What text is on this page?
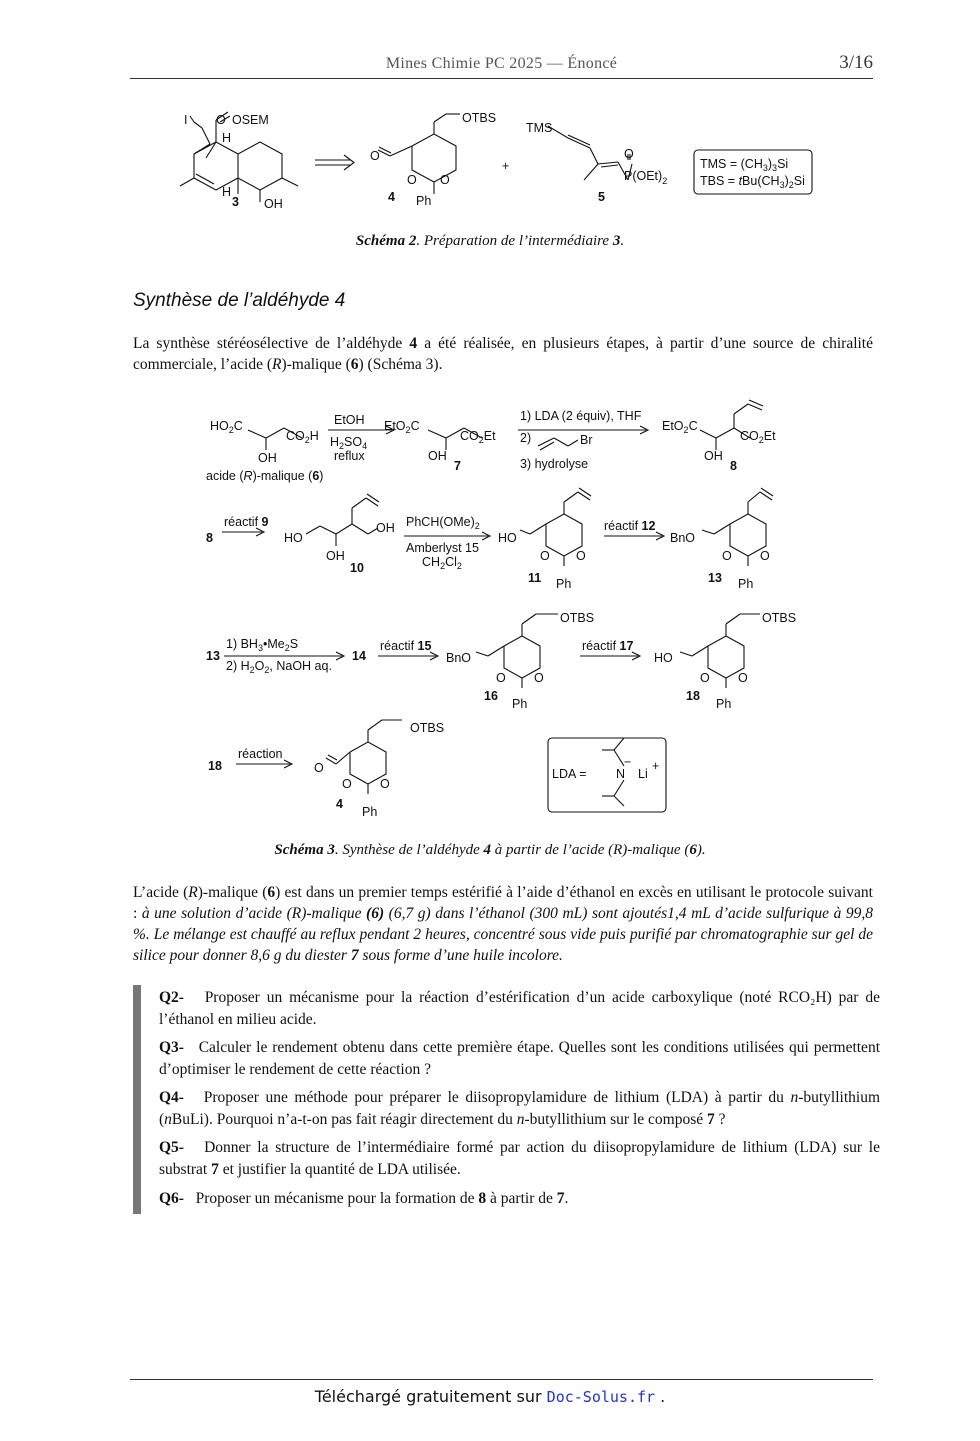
Mines Chimie PC 2025 — Énoncé	3/16
I O OSEM
H
H
OH
3
OTBS
O
O O
Ph
4
+
TMS
O
$P(OEt)_2$
5
TMS = $(CH_3)_3Si$
TBS = $tBu(CH_3)_2Si$
Schéma 2. Préparation de l’intermédiaire 3.
Synthèse de l’aldéhyde 4
La synthèse stéréosélective de l’aldéhyde 4 a été réalisée, en plusieurs étapes, à partir d’une source de chiralité commerciale, l’acide (R)-malique (6) (Schéma 3).
$HO_2C$
$CO_2H$
OH
acide (R)-malique (6)
EtOH
$H_2SO_4$
reflux
EtO$_2$C
$CO_2Et$
OH
7
1) LDA (2 équiv), THF
2)	Br
3) hydrolyse
EtO$_2$C
$CO_2Et$
OH
8
8
réactif 9
HO
OH
OH
10
$PhCH(OMe)_2$
Amberlyst 15
$CH_2Cl_2$
HO
O O
Ph
11
réactif 12
BnO
O O
Ph
13
13
1) $BH_3•Me_2S$
2) $H_2O_2$, NaOH aq.
14
réactif 15
BnO
OTBS
O O
Ph
16
réactif 17
HO
OTBS
O O
Ph
18
18
réaction
O
OTBS
O O
Ph
4
LDA = N
−
Li
+
Schéma 3. Synthèse de l’aldéhyde 4 à partir de l’acide (R)-malique (6).
L’acide (R)-malique (6) est dans un premier temps estérifié à l’aide d’éthanol en excès en utilisant le protocole suivant : à une solution d’acide (R)-malique (6) (6,7 g) dans l’éthanol (300 mL) sont ajoutés1,4 mL d’acide sulfurique à 99,8 %. Le mélange est chauffé au reflux pendant 2 heures, concentré sous vide puis purifié par chromatographie sur gel de silice pour donner 8,6 g du diester 7 sous forme d’une huile incolore.
Q2- Proposer un mécanisme pour la réaction d’estérification d’un acide carboxylique (noté RCO₂H) par de l’éthanol en milieu acide.
Q3- Calculer le rendement obtenu dans cette première étape. Quelles sont les conditions utilisées qui permettent d’optimiser le rendement de cette réaction ?
Q4- Proposer une méthode pour préparer le diisopropylamidure de lithium (LDA) à partir du n-butyllithium (nBuLi). Pourquoi n’a-t-on pas fait réagir directement du n-butyllithium sur le composé 7 ?
Q5- Donner la structure de l’intermédiaire formé par action du diisopropylamidure de lithium (LDA) sur le substrat 7 et justifier la quantité de LDA utilisée.
Q6- Proposer un mécanisme pour la formation de 8 à partir de 7.
Téléchargé gratuitement sur Doc-Solus.fr .
